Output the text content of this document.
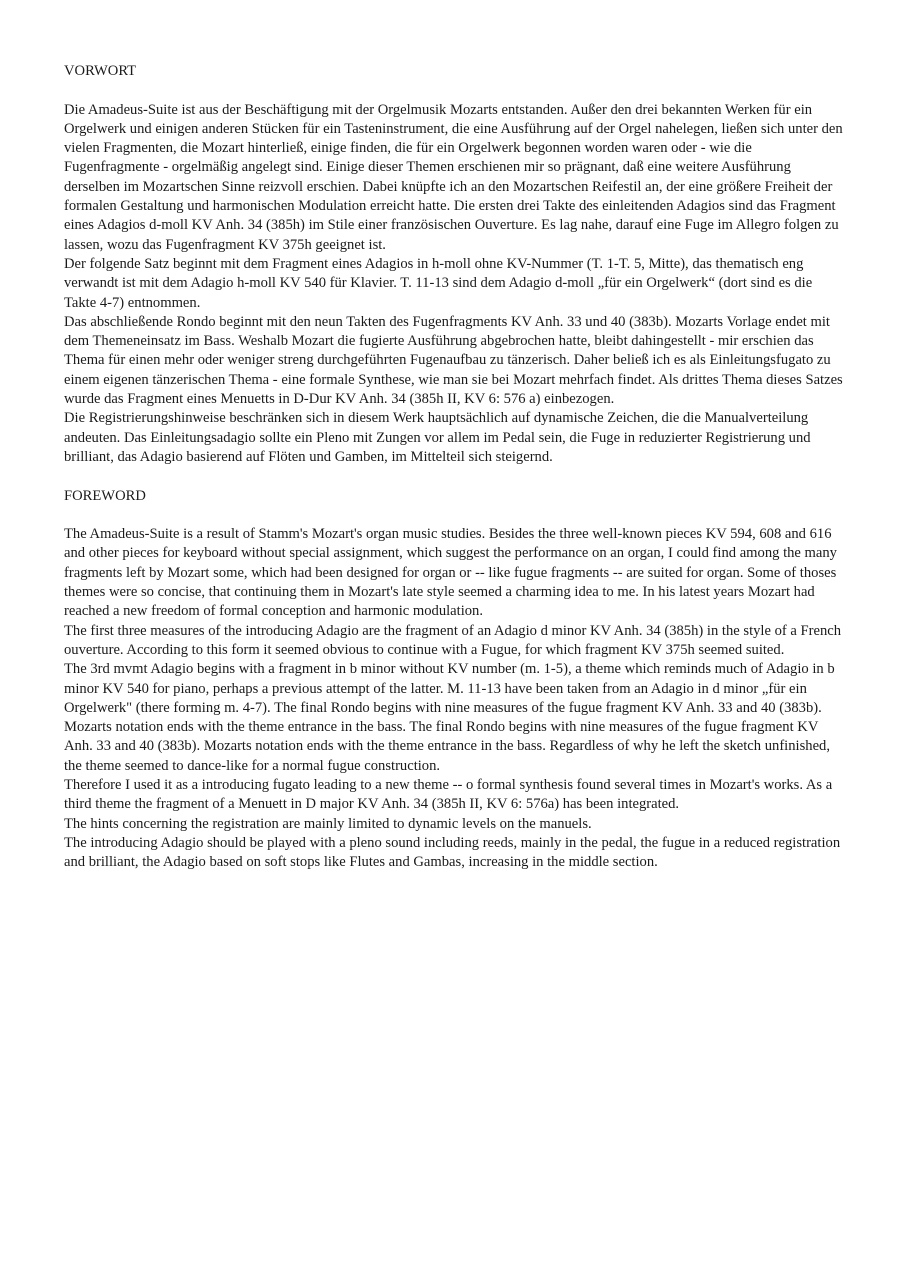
VORWORT

Die Amadeus-Suite ist aus der Beschäftigung mit der Orgelmusik Mozarts entstanden. Außer den drei bekannten Werken für ein Orgelwerk und einigen anderen Stücken für ein Tasteninstrument, die eine Ausführung auf der Orgel nahelegen, ließen sich unter den vielen Fragmenten, die Mozart hinterließ, einige finden, die für ein Orgelwerk begonnen worden waren oder - wie die Fugenfragmente - orgelmäßig angelegt sind. Einige dieser Themen erschienen mir so prägnant, daß eine weitere Ausführung derselben im Mozartschen Sinne reizvoll erschien. Dabei knüpfte ich an den Mozartschen Reifestil an, der eine größere Freiheit der formalen Gestaltung und harmonischen Modulation erreicht hatte. Die ersten drei Takte des einleitenden Adagios sind das Fragment eines Adagios d-moll KV Anh. 34 (385h) im Stile einer französischen Ouverture. Es lag nahe, darauf eine Fuge im Allegro folgen zu lassen, wozu das Fugenfragment KV 375h geeignet ist.

Der folgende Satz beginnt mit dem Fragment eines Adagios in h-moll ohne KV-Nummer (T. 1-T. 5, Mitte), das thematisch eng verwandt ist mit dem Adagio h-moll KV 540 für Klavier. T. 11-13 sind dem Adagio d-moll „für ein Orgelwerk“ (dort sind es die Takte 4-7) entnommen.

Das abschließende Rondo beginnt mit den neun Takten des Fugenfragments KV Anh. 33 und 40 (383b). Mozarts Vorlage endet mit dem Themeneinsatz im Bass. Weshalb Mozart die fugierte Ausführung abgebrochen hatte, bleibt dahingestellt - mir erschien das Thema für einen mehr oder weniger streng durchgeführten Fugenaufbau zu tänzerisch. Daher beließ ich es als Einleitungsfugato zu einem eigenen tänzerischen Thema - eine formale Synthese, wie man sie bei Mozart mehrfach findet. Als drittes Thema dieses Satzes wurde das Fragment eines Menuetts in D-Dur KV Anh. 34 (385h II, KV 6: 576 a) einbezogen.

Die Registrierungshinweise beschränken sich in diesem Werk hauptsächlich auf dynamische Zeichen, die die Manualverteilung andeuten. Das Einleitungsadagio sollte ein Pleno mit Zungen vor allem im Pedal sein, die Fuge in reduzierter Registrierung und brilliant, das Adagio basierend auf Flöten und Gamben, im Mittelteil sich steigernd.

FOREWORD

The Amadeus-Suite is a result of Stamm's Mozart's organ music studies. Besides the three well-known pieces KV 594, 608 and 616 and other pieces for keyboard without special assignment, which suggest the performance on an organ, I could find among the many fragments left by Mozart some, which had been designed for organ or -- like fugue fragments -- are suited for organ. Some of thoses themes were so concise, that continuing them in Mozart's late style seemed a charming idea to me. In his latest years Mozart had reached a new freedom of formal conception and harmonic modulation.

The first three measures of the introducing Adagio are the fragment of an Adagio d minor KV Anh. 34 (385h) in the style of a French ouverture. According to this form it seemed obvious to continue with a Fugue, for which fragment KV 375h seemed suited.

The 3rd mvmt Adagio begins with a fragment in b minor without KV number (m. 1-5), a theme which reminds much of Adagio in b minor KV 540 for piano, perhaps a previous attempt of the latter. M. 11-13 have been taken from an Adagio in d minor „für ein Orgelwerk" (there forming m. 4-7). The final Rondo begins with nine measures of the fugue fragment KV Anh. 33 and 40 (383b). Mozarts notation ends with the theme entrance in the bass. The final Rondo begins with nine measures of the fugue fragment KV Anh. 33 and 40 (383b). Mozarts notation ends with the theme entrance in the bass. Regardless of why he left the sketch unfinished, the theme seemed to dance-like for a normal fugue construction.

Therefore I used it as a introducing fugato leading to a new theme -- o formal synthesis found several times in Mozart's works. As a third theme the fragment of a Menuett in D major KV Anh. 34 (385h II, KV 6: 576a) has been integrated.

The hints concerning the registration are mainly limited to dynamic levels on the manuels.

The introducing Adagio should be played with a pleno sound including reeds, mainly in the pedal, the fugue in a reduced registration and brilliant, the Adagio based on soft stops like Flutes and Gambas, increasing in the middle section.
